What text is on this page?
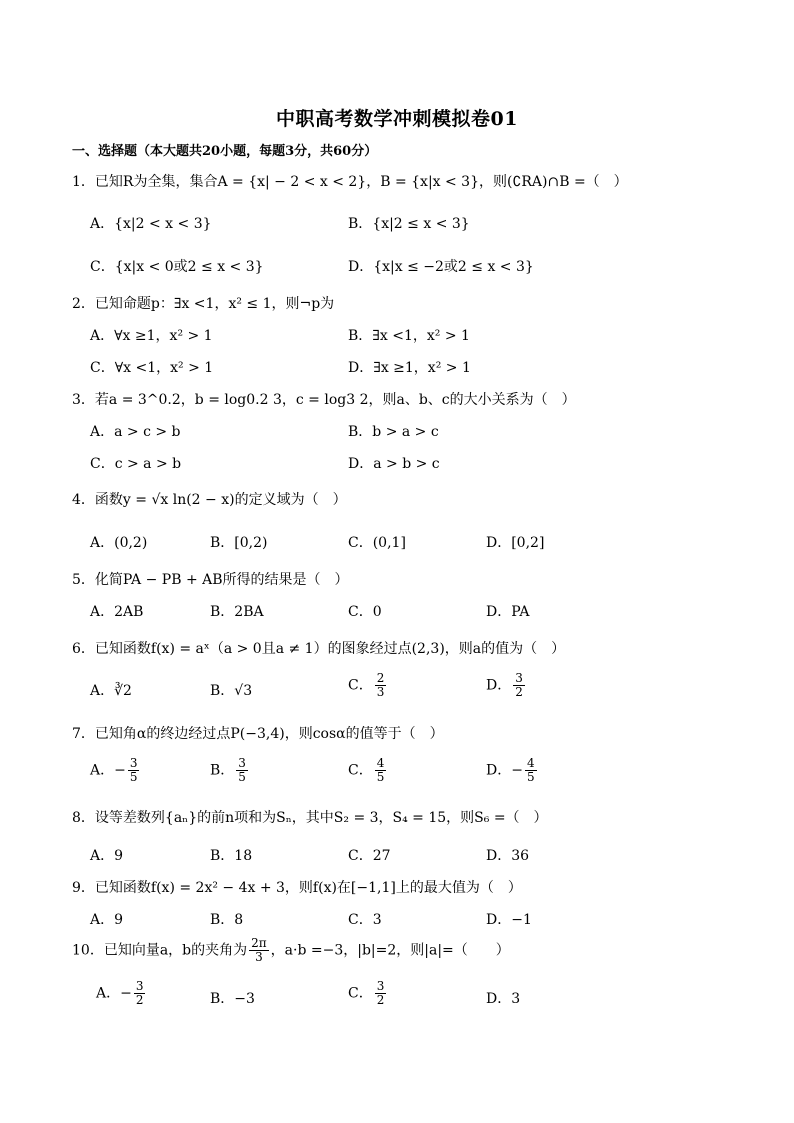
中职高考数学冲刺模拟卷01
一、选择题（本大题共20小题，每题3分，共60分）
1．已知R为全集，集合A = {x| − 2 < x < 2}，B = {x|x < 3}，则(∁RA)∩B =（　）
A．{x|2 < x < 3}	B．{x|2 ≤ x < 3}
C．{x|x < 0或2 ≤ x < 3}	D．{x|x ≤ −2或2 ≤ x < 3}
2．已知命题p：∃x <1，x² ≤ 1，则¬p为
A．∀x ≥1，x² > 1	B．∃x <1，x² > 1
C．∀x <1，x² > 1	D．∃x ≥1，x² > 1
3．若a = 3^0.2，b = log0.2 3，c = log3 2，则a、b、c的大小关系为（　）
A．a > c > b	B．b > a > c
C．c > a > b	D．a > b > c
4．函数y = √x ln(2 − x)的定义域为（　）
A．(0,2)	B．[0,2)	C．(0,1]	D．[0,2]
5．化简PA − PB + AB所得的结果是（　）
A．2AB	B．2BA	C．0	D．PA
6．已知函数f(x) = aˣ（a > 0且a ≠ 1）的图象经过点(2,3)，则a的值为（　）
A．∛2	B．√3	C． $\frac{2}{3}$	D． $\frac{3}{2}$
7．已知角α的终边经过点P(−3,4)，则cosα的值等于（　）
A．− $\frac{3}{5}$	B． $\frac{3}{5}$	C． $\frac{4}{5}$	D．− $\frac{4}{5}$
8．设等差数列{aₙ}的前n项和为Sₙ，其中S₂ = 3，S₄ = 15，则S₆ =（　）
A．9	B．18	C．27	D．36
9．已知函数f(x) = 2x² − 4x + 3，则f(x)在[−1,1]上的最大值为（　）
A．9	B．8	C．3	D．−1
10．已知向量a，b的夹角为 $\frac{2\pi}{3}$ ，a·b =−3，|b|=2，则|a|=（　　）
A．− $\frac{3}{2}$	B．−3	C． $\frac{3}{2}$	D．3
